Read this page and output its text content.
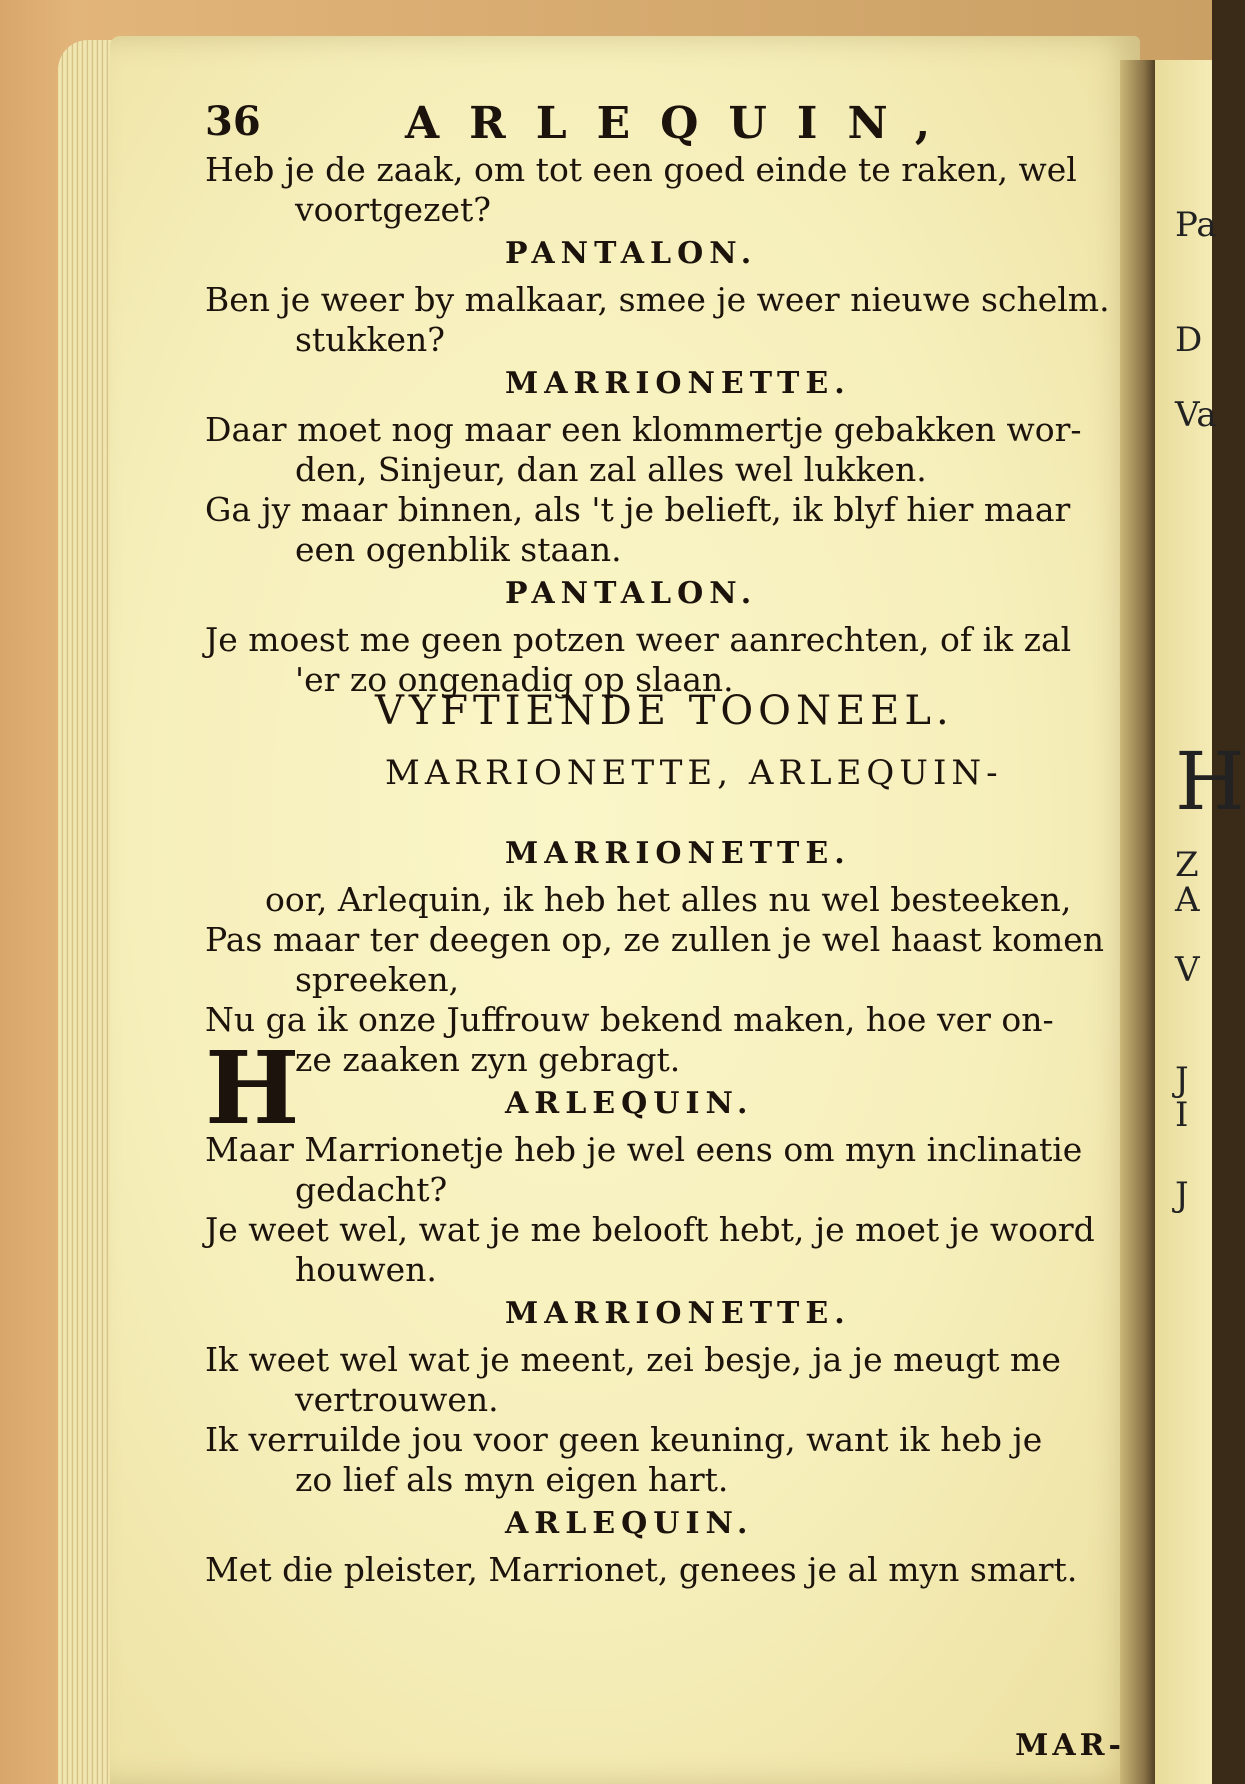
Pa
D
Va
H
Z
A
V
J
I
J
36	ARLEQUIN,
Heb je de zaak, om tot een goed einde te raken, wel
voortgezet?
PANTALON.
Ben je weer by malkaar, smee je weer nieuwe schelm.
stukken?
MARRIONETTE.
Daar moet nog maar een klommertje gebakken wor-
den, Sinjeur, dan zal alles wel lukken.
Ga jy maar binnen, als 't je belieft, ik blyf hier maar
een ogenblik staan.
PANTALON.
Je moest me geen potzen weer aanrechten, of ik zal
'er zo ongenadig op slaan.
VYFTIENDE TOONEEL.
MARRIONETTE, ARLEQUIN-
H
MARRIONETTE.
oor, Arlequin, ik heb het alles nu wel besteeken,
Pas maar ter deegen op, ze zullen je wel haast komen
spreeken,
Nu ga ik onze Juffrouw bekend maken, hoe ver on-
ze zaaken zyn gebragt.
ARLEQUIN.
Maar Marrionetje heb je wel eens om myn inclinatie
gedacht?
Je weet wel, wat je me belooft hebt, je moet je woord
houwen.
MARRIONETTE.
Ik weet wel wat je meent, zei besje, ja je meugt me
vertrouwen.
Ik verruilde jou voor geen keuning, want ik heb je
zo lief als myn eigen hart.
ARLEQUIN.
Met die pleister, Marrionet, genees je al myn smart.
MAR-
